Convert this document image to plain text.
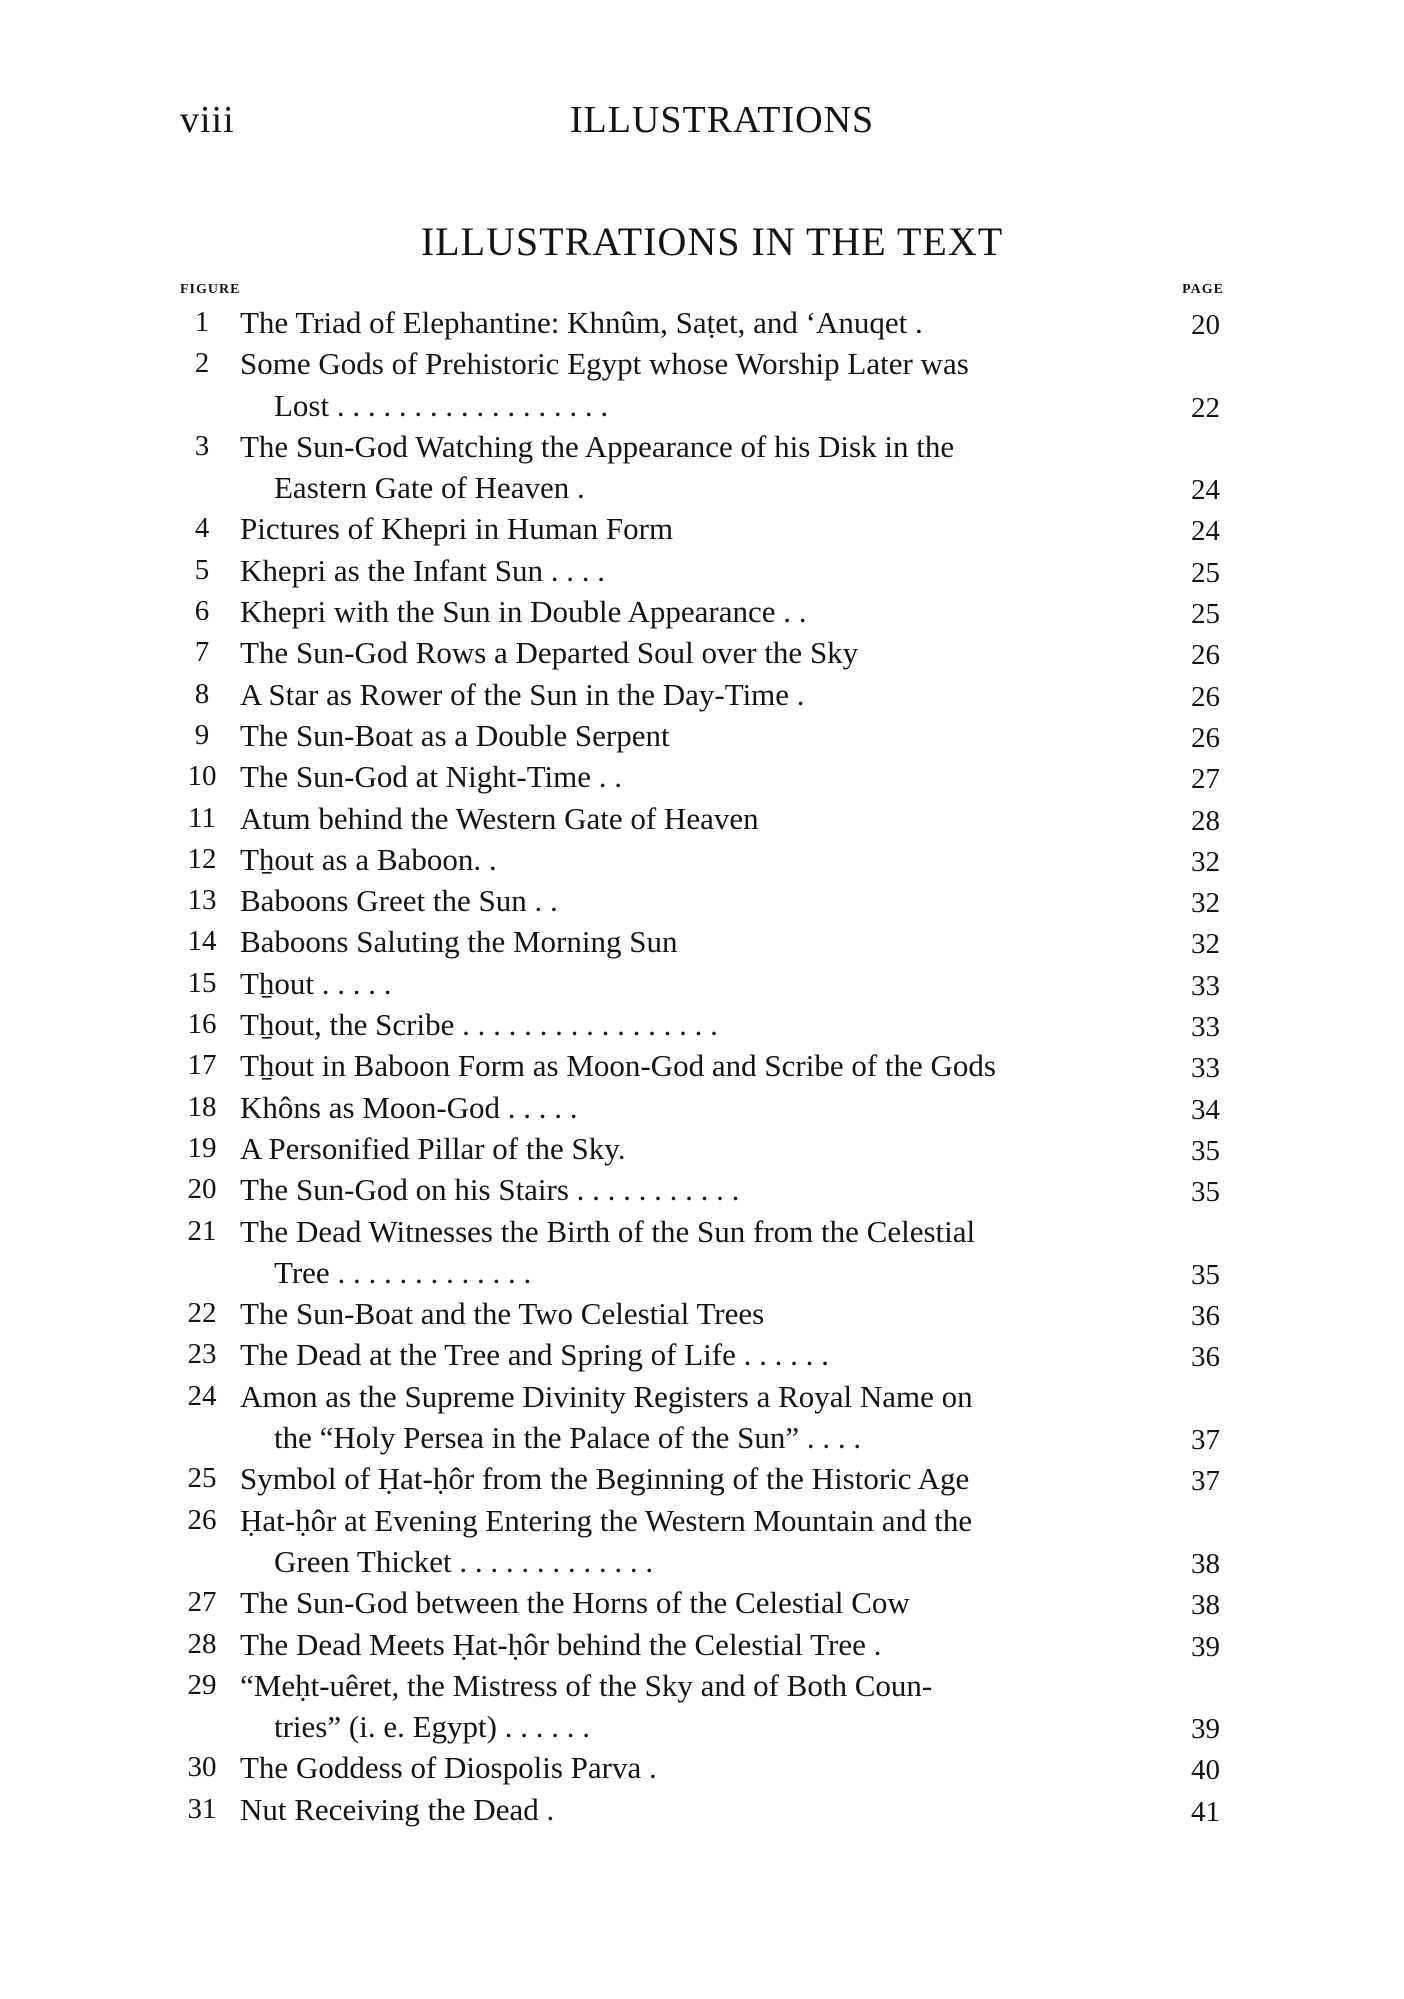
viii	ILLUSTRATIONS
ILLUSTRATIONS IN THE TEXT
FIGURE	PAGE
1 The Triad of Elephantine: Khnûm, Saṭet, and ‘Anuqet .	20
2 Some Gods of Prehistoric Egypt whose Worship Later was
Lost . . . . . . . . . . . . . . . . . .	22
3 The Sun-God Watching the Appearance of his Disk in the
Eastern Gate of Heaven .	24
4 Pictures of Khepri in Human Form	24
5 Khepri as the Infant Sun . . . .	25
6 Khepri with the Sun in Double Appearance . .	25
7 The Sun-God Rows a Departed Soul over the Sky	26
8 A Star as Rower of the Sun in the Day-Time .	26
9 The Sun-Boat as a Double Serpent	26
10 The Sun-God at Night-Time . .	27
11 Atum behind the Western Gate of Heaven	28
12 Tẖout as a Baboon. .	32
13 Baboons Greet the Sun . .	32
14 Baboons Saluting the Morning Sun	32
15 Tẖout . . . . .	33
16 Tẖout, the Scribe . . . . . . . . . . . . . . . . .	33
17 Tẖout in Baboon Form as Moon-God and Scribe of the Gods	33
18 Khôns as Moon-God . . . . .	34
19 A Personified Pillar of the Sky.	35
20 The Sun-God on his Stairs . . . . . . . . . . .	35
21 The Dead Witnesses the Birth of the Sun from the Celestial
Tree . . . . . . . . . . . . .	35
22 The Sun-Boat and the Two Celestial Trees	36
23 The Dead at the Tree and Spring of Life . . . . . .	36
24 Amon as the Supreme Divinity Registers a Royal Name on
the “Holy Persea in the Palace of the Sun” . . . .	37
25 Symbol of Ḥat-ḥôr from the Beginning of the Historic Age	37
26 Ḥat-ḥôr at Evening Entering the Western Mountain and the
Green Thicket . . . . . . . . . . . . .	38
27 The Sun-God between the Horns of the Celestial Cow	38
28 The Dead Meets Ḥat-ḥôr behind the Celestial Tree .	39
29 “Meḥt-uêret, the Mistress of the Sky and of Both Coun-
tries” (i. e. Egypt) . . . . . .	39
30 The Goddess of Diospolis Parva .	40
31 Nut Receiving the Dead .	41
